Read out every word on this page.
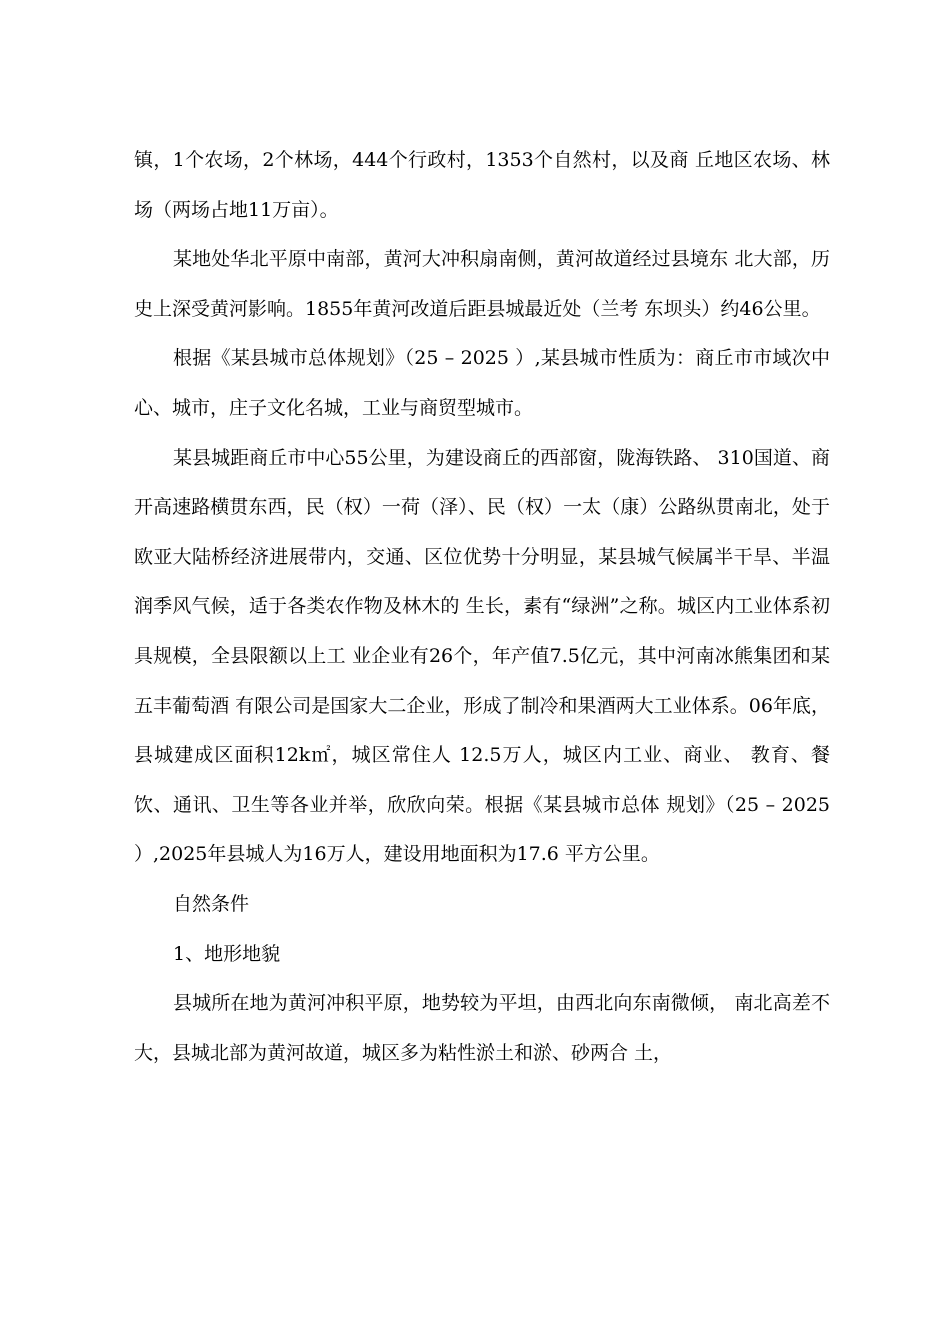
镇，1个农场，2个林场，444个行政村，1353个自然村，以及商 丘地区农场、林场（两场占地11万亩）。

某地处华北平原中南部，黄河大冲积扇南侧，黄河故道经过县境东 北大部，历史上深受黄河影响。1855年黄河改道后距县城最近处（兰考 东坝头）约46公里。

根据《某县城市总体规划》（25 – 2025 ）,某县城市性质为：商丘市市域次中心、城市，庄子文化名城，工业与商贸型城市。

某县城距商丘市中心55公里，为建设商丘的西部窗，陇海铁路、 310国道、商开高速路横贯东西，民（权）一荷（泽）、民（权）一太（康）公路纵贯南北，处于欧亚大陆桥经济进展带内，交通、区位优势十分明显，某县城气候属半干旱、半温润季风气候，适于各类农作物及林木的 生长，素有“绿洲”之称。城区内工业体系初具规模，全县限额以上工 业企业有26个，年产值7.5亿元，其中河南冰熊集团和某五丰葡萄酒 有限公司是国家大二企业，形成了制冷和果酒两大工业体系。06年底， 县城建成区面积12k㎡，城区常住人 12.5万人，城区内工业、商业、 教育、餐饮、通讯、卫生等各业并举，欣欣向荣。根据《某县城市总体 规划》（25 – 2025 ）,2025年县城人为16万人，建设用地面积为17.6 平方公里。

自然条件

1、地形地貌

县城所在地为黄河冲积平原，地势较为平坦，由西北向东南微倾， 南北高差不大，县城北部为黄河故道，城区多为粘性淤土和淤、砂两合 土，
